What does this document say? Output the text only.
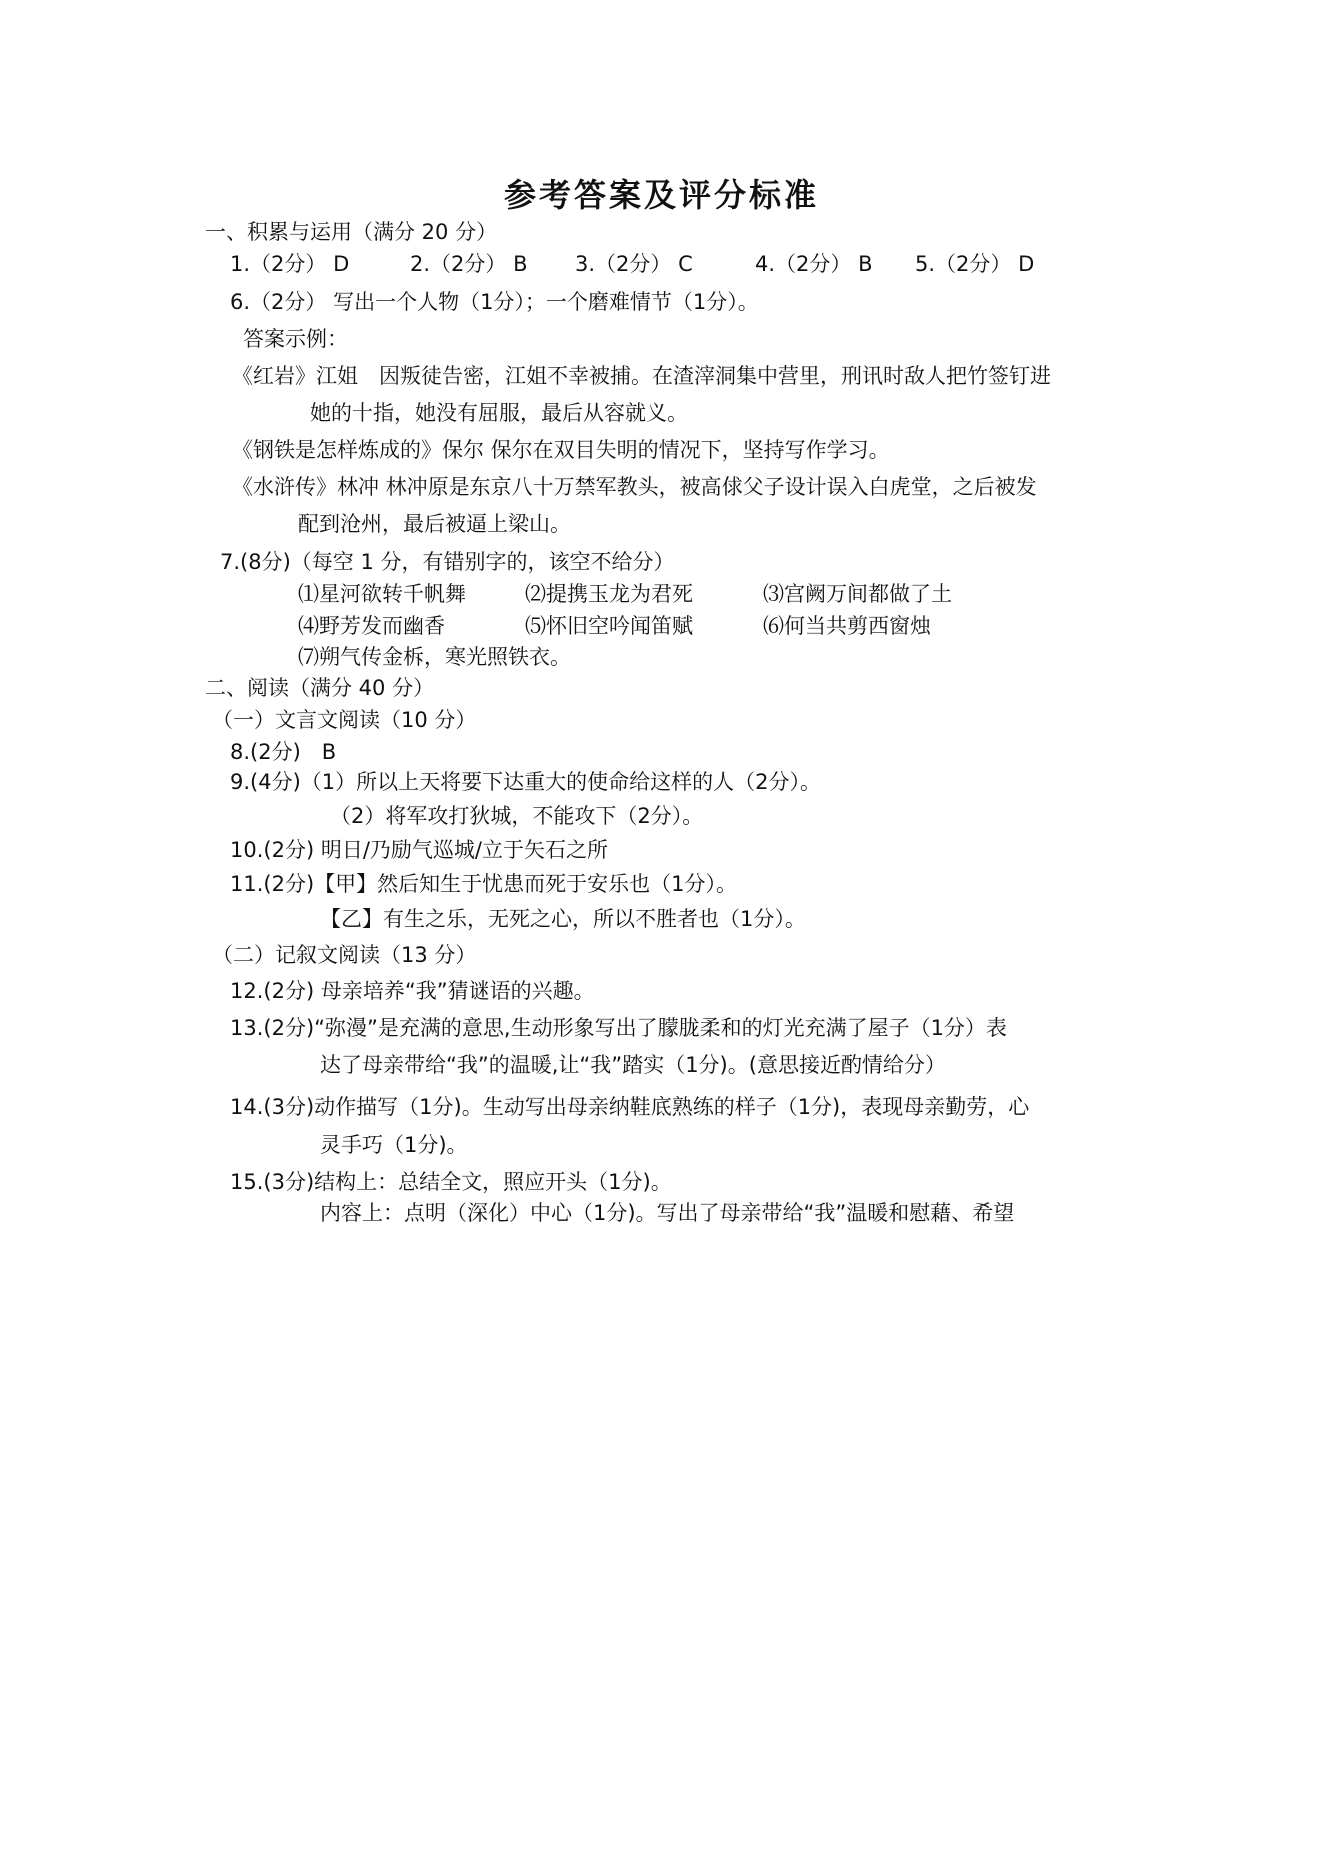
参考答案及评分标准
一、积累与运用（满分 20 分）
1.（2分） D	2.（2分） B 3.（2分） C	4.（2分） B 5.（2分） D
6.（2分） 写出一个人物（1分）；一个磨难情节（1分）。
答案示例：
《红岩》江姐　因叛徒告密，江姐不幸被捕。在渣滓洞集中营里，刑讯时敌人把竹签钉进
她的十指，她没有屈服，最后从容就义。
《钢铁是怎样炼成的》保尔 保尔在双目失明的情况下，坚持写作学习。
《水浒传》林冲 林冲原是东京八十万禁军教头，被高俅父子设计误入白虎堂，之后被发
配到沧州，最后被逼上梁山。
7.(8分)（每空 1 分，有错别字的，该空不给分）
⑴星河欲转千帆舞	⑵提携玉龙为君死	⑶宫阙万间都做了土
⑷野芳发而幽香	⑸怀旧空吟闻笛赋	⑹何当共剪西窗烛
⑺朔气传金柝，寒光照铁衣。
二、阅读（满分 40 分）
（一）文言文阅读（10 分）
8.(2分)　B
9.(4分)（1）所以上天将要下达重大的使命给这样的人（2分）。
（2）将军攻打狄城，不能攻下（2分）。
10.(2分) 明日/乃励气巡城/立于矢石之所
11.(2分)【甲】然后知生于忧患而死于安乐也（1分）。
【乙】有生之乐，无死之心，所以不胜者也（1分）。
（二）记叙文阅读（13 分）
12.(2分) 母亲培养“我”猜谜语的兴趣。
13.(2分)“弥漫”是充满的意思,生动形象写出了朦胧柔和的灯光充满了屋子（1分）表
达了母亲带给“我”的温暖,让“我”踏实（1分)。(意思接近酌情给分）
14.(3分)动作描写（1分)。生动写出母亲纳鞋底熟练的样子（1分)，表现母亲勤劳，心
灵手巧（1分)。
15.(3分)结构上：总结全文，照应开头（1分)。
内容上：点明（深化）中心（1分)。写出了母亲带给“我”温暖和慰藉、希望
